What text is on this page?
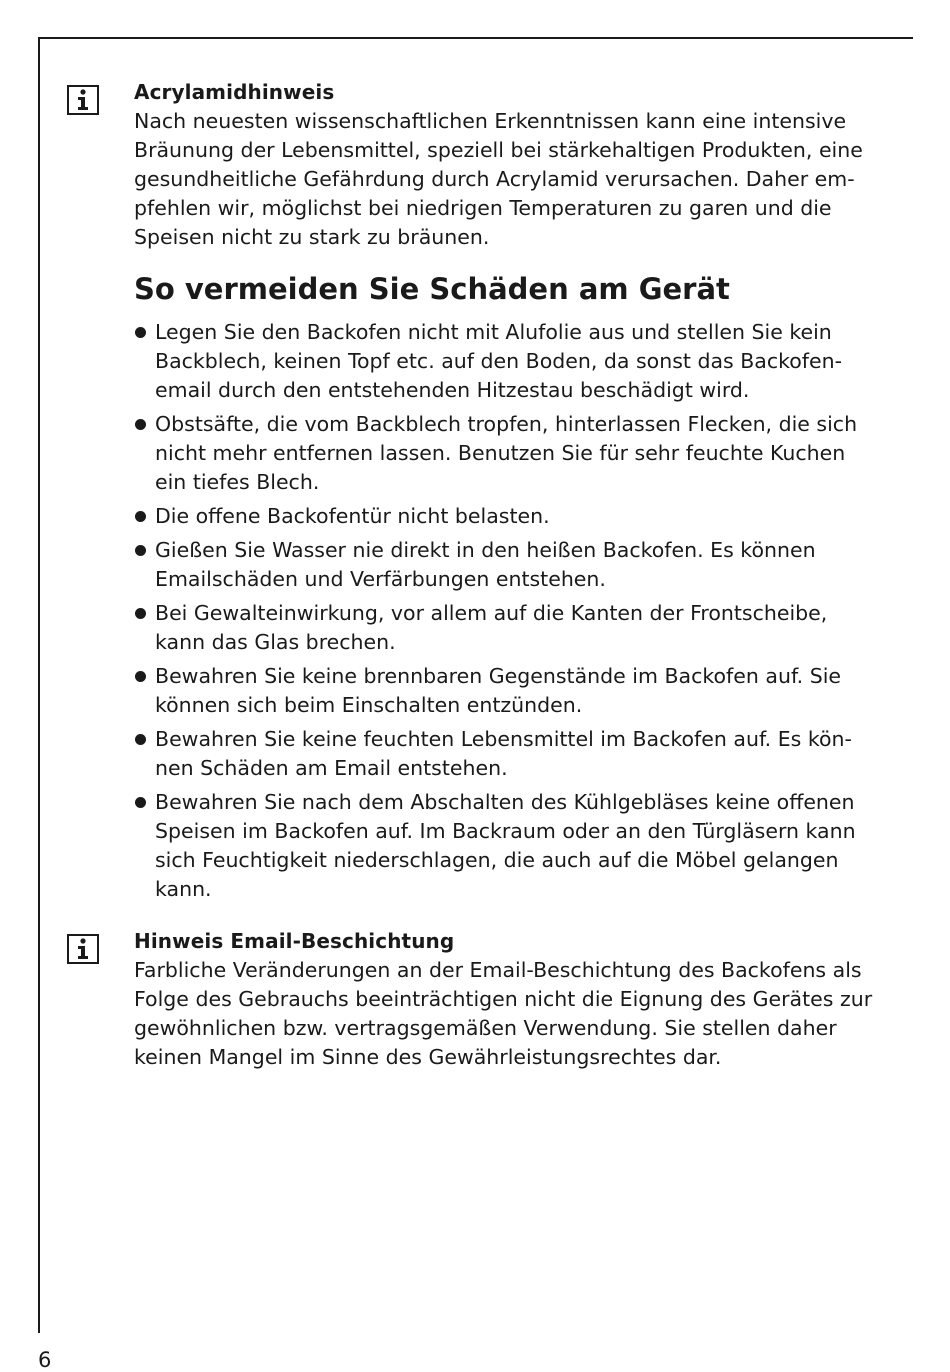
Acrylamidhinweis

Nach neuesten wissenschaftlichen Erkenntnissen kann eine intensive

Bräunung der Lebensmittel, speziell bei stärkehaltigen Produkten, eine

gesundheitliche Gefährdung durch Acrylamid verursachen. Daher em-

pfehlen wir, möglichst bei niedrigen Temperaturen zu garen und die

Speisen nicht zu stark zu bräunen.

So vermeiden Sie Schäden am Gerät
Legen Sie den Backofen nicht mit Alufolie aus und stellen Sie kein
Backblech, keinen Topf etc. auf den Boden, da sonst das Backofen-
email durch den entstehenden Hitzestau beschädigt wird.
Obstsäfte, die vom Backblech tropfen, hinterlassen Flecken, die sich
nicht mehr entfernen lassen. Benutzen Sie für sehr feuchte Kuchen
ein tiefes Blech.
Die offene Backofentür nicht belasten.
Gießen Sie Wasser nie direkt in den heißen Backofen. Es können
Emailschäden und Verfärbungen entstehen.
Bei Gewalteinwirkung, vor allem auf die Kanten der Frontscheibe,
kann das Glas brechen.
Bewahren Sie keine brennbaren Gegenstände im Backofen auf. Sie
können sich beim Einschalten entzünden.
Bewahren Sie keine feuchten Lebensmittel im Backofen auf. Es kön-
nen Schäden am Email entstehen.
Bewahren Sie nach dem Abschalten des Kühlgebläses keine offenen
Speisen im Backofen auf. Im Backraum oder an den Türgläsern kann
sich Feuchtigkeit niederschlagen, die auch auf die Möbel gelangen
kann.
Hinweis Email-Beschichtung

Farbliche Veränderungen an der Email-Beschichtung des Backofens als

Folge des Gebrauchs beeinträchtigen nicht die Eignung des Gerätes zur

gewöhnlichen bzw. vertragsgemäßen Verwendung. Sie stellen daher

keinen Mangel im Sinne des Gewährleistungsrechtes dar.

6
